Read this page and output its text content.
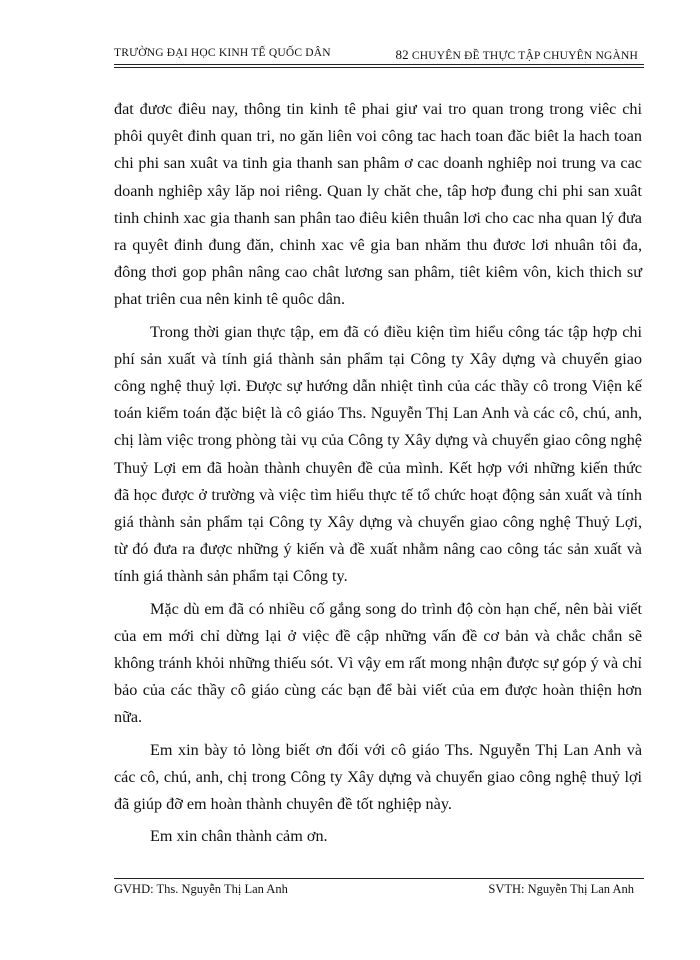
TRƯỜNG ĐẠI HỌC KINH TẾ QUỐC DÂN	82 CHUYÊN ĐỀ THỰC TẬP CHUYÊN NGÀNH

đat đươc điêu nay, thông tin kinh tê phai giư vai tro quan trong trong viêc chi phôi quyêt đinh quan tri, no găn liên voi công tac hach toan đăc biêt la hach toan chi phi san xuât va tinh gia thanh san phâm ơ cac doanh nghiêp noi trung va cac doanh nghiêp xây lăp noi riêng. Quan ly chăt che, tâp hơp đung chi phi san xuât tinh chinh xac gia thanh san phân tao điêu kiên thuân lơi cho cac nha quan lý đưa ra quyêt đinh đung đăn, chinh xac vê gia ban nhăm thu đươc lơi nhuân tôi đa, đông thơi gop phân nâng cao chât lương san phâm, tiêt kiêm vôn, kich thich sư phat triên cua nên kinh tê quôc dân.

Trong thời gian thực tập, em đã có điều kiện tìm hiểu công tác tập hợp chi phí sản xuất và tính giá thành sản phẩm tại Công ty Xây dựng và chuyển giao công nghệ thuỷ lợi. Được sự hướng dẫn nhiệt tình của các thầy cô trong Viện kế toán kiểm toán đặc biệt là cô giáo Ths. Nguyễn Thị Lan Anh và các cô, chú, anh, chị làm việc trong phòng tài vụ của Công ty Xây dựng và chuyển giao công nghệ Thuỷ Lợi em đã hoàn thành chuyên đề của mình. Kết hợp với những kiến thức đã học được ở trường và việc tìm hiểu thực tế tổ chức hoạt động sản xuất và tính giá thành sản phẩm tại Công ty Xây dựng và chuyển giao công nghệ Thuỷ Lợi, từ đó đưa ra được những ý kiến và đề xuất nhằm nâng cao công tác sản xuất và tính giá thành sản phẩm tại Công ty.

Mặc dù em đã có nhiều cố gắng song do trình độ còn hạn chế, nên bài viết của em mới chỉ dừng lại ở việc đề cập những vấn đề cơ bản và chắc chắn sẽ không tránh khỏi những thiếu sót. Vì vậy em rất mong nhận được sự góp ý và chỉ bảo của các thầy cô giáo cùng các bạn để bài viết của em được hoàn thiện hơn nữa.

Em xin bày tỏ lòng biết ơn đối với cô giáo Ths. Nguyễn Thị Lan Anh và các cô, chú, anh, chị trong Công ty Xây dựng và chuyển giao công nghệ thuỷ lợi đã giúp đỡ em hoàn thành chuyên đề tốt nghiệp này.

Em xin chân thành cảm ơn.

GVHD: Ths. Nguyễn Thị Lan Anh	SVTH: Nguyễn Thị Lan Anh
